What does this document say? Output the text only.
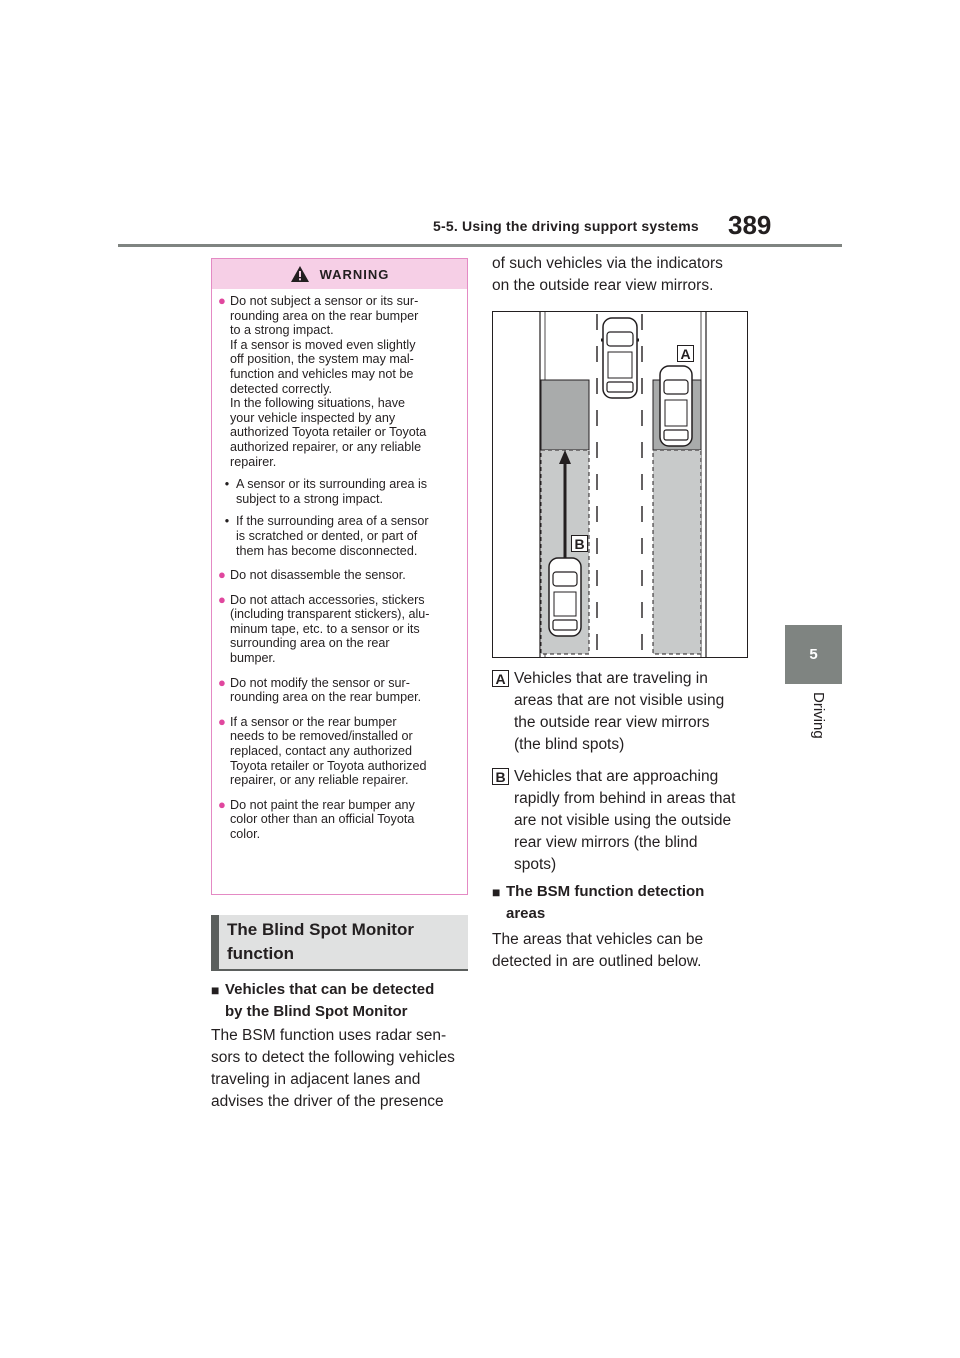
5-5. Using the driving support systems 389
5
Driving
WARNING
● Do not subject a sensor or its sur-
rounding area on the rear bumper
to a strong impact.
If a sensor is moved even slightly
off position, the system may mal-
function and vehicles may not be
detected correctly.
In the following situations, have
your vehicle inspected by any
authorized Toyota retailer or Toyota
authorized repairer, or any reliable
repairer.
• A sensor or its surrounding area is
subject to a strong impact.
• If the surrounding area of a sensor
is scratched or dented, or part of
them has become disconnected.
● Do not disassemble the sensor.
● Do not attach accessories, stickers
(including transparent stickers), alu-
minum tape, etc. to a sensor or its
surrounding area on the rear
bumper.
● Do not modify the sensor or sur-
rounding area on the rear bumper.
● If a sensor or the rear bumper
needs to be removed/installed or
replaced, contact any authorized
Toyota retailer or Toyota authorized
repairer, or any reliable repairer.
● Do not paint the rear bumper any
color other than an official Toyota
color.
The Blind Spot Monitor
function
■ Vehicles that can be detected
by the Blind Spot Monitor
The BSM function uses radar sen-
sors to detect the following vehicles
traveling in adjacent lanes and
advises the driver of the presence
of such vehicles via the indicators
on the outside rear view mirrors.
A
B
A Vehicles that are traveling in
areas that are not visible using
the outside rear view mirrors
(the blind spots)
B Vehicles that are approaching
rapidly from behind in areas that
are not visible using the outside
rear view mirrors (the blind
spots)
■ The BSM function detection
areas
The areas that vehicles can be
detected in are outlined below.
